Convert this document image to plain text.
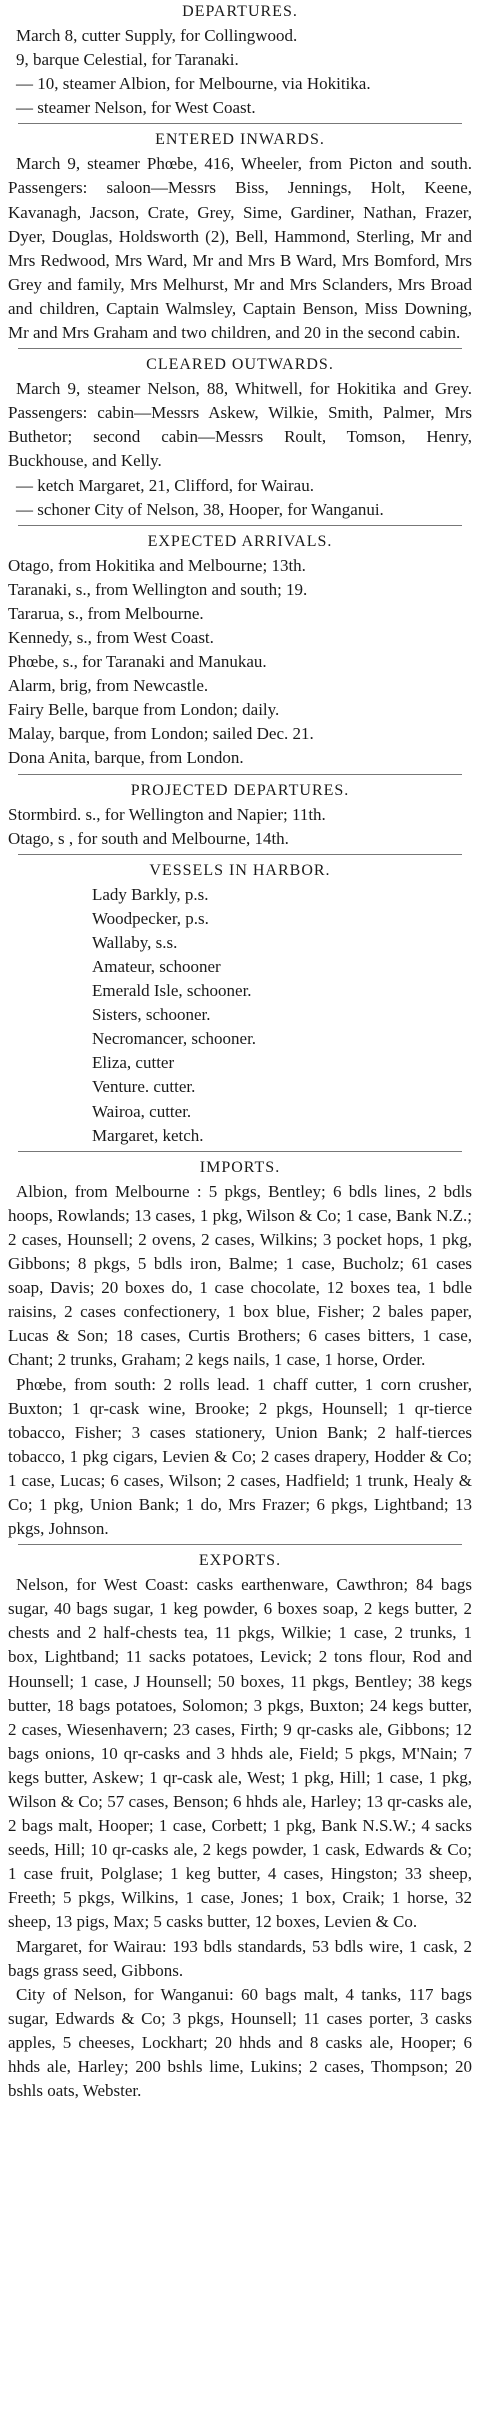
DEPARTURES.

March 8, cutter Supply, for Collingwood.

9, barque Celestial, for Taranaki.

— 10, steamer Albion, for Melbourne, via Hokitika.

— steamer Nelson, for West Coast.

ENTERED INWARDS.

March 9, steamer Phœbe, 416, Wheeler, from Picton and south. Passengers: saloon—Messrs Biss, Jennings, Holt, Keene, Kavanagh, Jacson, Crate, Grey, Sime, Gardiner, Nathan, Frazer, Dyer, Douglas, Holdsworth (2), Bell, Hammond, Sterling, Mr and Mrs Redwood, Mrs Ward, Mr and Mrs B Ward, Mrs Bomford, Mrs Grey and family, Mrs Melhurst, Mr and Mrs Sclanders, Mrs Broad and children, Captain Walmsley, Captain Benson, Miss Downing, Mr and Mrs Graham and two children, and 20 in the second cabin.

CLEARED OUTWARDS.

March 9, steamer Nelson, 88, Whitwell, for Hokitika and Grey. Passengers: cabin—Messrs Askew, Wilkie, Smith, Palmer, Mrs Buthetor; second cabin—Messrs Roult, Tomson, Henry, Buckhouse, and Kelly.

— ketch Margaret, 21, Clifford, for Wairau.

— schoner City of Nelson, 38, Hooper, for Wanganui.

EXPECTED ARRIVALS.

Otago, from Hokitika and Melbourne; 13th.

Taranaki, s., from Wellington and south; 19.

Tararua, s., from Melbourne.

Kennedy, s., from West Coast.

Phœbe, s., for Taranaki and Manukau.

Alarm, brig, from Newcastle.

Fairy Belle, barque from London; daily.

Malay, barque, from London; sailed Dec. 21.

Dona Anita, barque, from London.

PROJECTED DEPARTURES.

Stormbird. s., for Wellington and Napier; 11th.

Otago, s , for south and Melbourne, 14th.

VESSELS IN HARBOR.

Lady Barkly, p.s.

Woodpecker, p.s.

Wallaby, s.s.

Amateur, schooner

Emerald Isle, schooner.

Sisters, schooner.

Necromancer, schooner.

Eliza, cutter

Venture. cutter.

Wairoa, cutter.

Margaret, ketch.

IMPORTS.

Albion, from Melbourne : 5 pkgs, Bentley; 6 bdls lines, 2 bdls hoops, Rowlands; 13 cases, 1 pkg, Wilson & Co; 1 case, Bank N.Z.; 2 cases, Hounsell; 2 ovens, 2 cases, Wilkins; 3 pocket hops, 1 pkg, Gibbons; 8 pkgs, 5 bdls iron, Balme; 1 case, Bucholz; 61 cases soap, Davis; 20 boxes do, 1 case chocolate, 12 boxes tea, 1 bdle raisins, 2 cases confectionery, 1 box blue, Fisher; 2 bales paper, Lucas & Son; 18 cases, Curtis Brothers; 6 cases bitters, 1 case, Chant; 2 trunks, Graham; 2 kegs nails, 1 case, 1 horse, Order.

Phœbe, from south: 2 rolls lead. 1 chaff cutter, 1 corn crusher, Buxton; 1 qr-cask wine, Brooke; 2 pkgs, Hounsell; 1 qr-tierce tobacco, Fisher; 3 cases stationery, Union Bank; 2 half-tierces tobacco, 1 pkg cigars, Levien & Co; 2 cases drapery, Hodder & Co; 1 case, Lucas; 6 cases, Wilson; 2 cases, Hadfield; 1 trunk, Healy & Co; 1 pkg, Union Bank; 1 do, Mrs Frazer; 6 pkgs, Lightband; 13 pkgs, Johnson.

EXPORTS.

Nelson, for West Coast: casks earthenware, Cawthron; 84 bags sugar, 40 bags sugar, 1 keg powder, 6 boxes soap, 2 kegs butter, 2 chests and 2 half-chests tea, 11 pkgs, Wilkie; 1 case, 2 trunks, 1 box, Lightband; 11 sacks potatoes, Levick; 2 tons flour, Rod and Hounsell; 1 case, J Hounsell; 50 boxes, 11 pkgs, Bentley; 38 kegs butter, 18 bags potatoes, Solomon; 3 pkgs, Buxton; 24 kegs butter, 2 cases, Wiesenhavern; 23 cases, Firth; 9 qr-casks ale, Gibbons; 12 bags onions, 10 qr-casks and 3 hhds ale, Field; 5 pkgs, M'Nain; 7 kegs butter, Askew; 1 qr-cask ale, West; 1 pkg, Hill; 1 case, 1 pkg, Wilson & Co; 57 cases, Benson; 6 hhds ale, Harley; 13 qr-casks ale, 2 bags malt, Hooper; 1 case, Corbett; 1 pkg, Bank N.S.W.; 4 sacks seeds, Hill; 10 qr-casks ale, 2 kegs powder, 1 cask, Edwards & Co; 1 case fruit, Polglase; 1 keg butter, 4 cases, Hingston; 33 sheep, Freeth; 5 pkgs, Wilkins, 1 case, Jones; 1 box, Craik; 1 horse, 32 sheep, 13 pigs, Max; 5 casks butter, 12 boxes, Levien & Co.

Margaret, for Wairau: 193 bdls standards, 53 bdls wire, 1 cask, 2 bags grass seed, Gibbons.

City of Nelson, for Wanganui: 60 bags malt, 4 tanks, 117 bags sugar, Edwards & Co; 3 pkgs, Hounsell; 11 cases porter, 3 casks apples, 5 cheeses, Lockhart; 20 hhds and 8 casks ale, Hooper; 6 hhds ale, Harley; 200 bshls lime, Lukins; 2 cases, Thompson; 20 bshls oats, Webster.
